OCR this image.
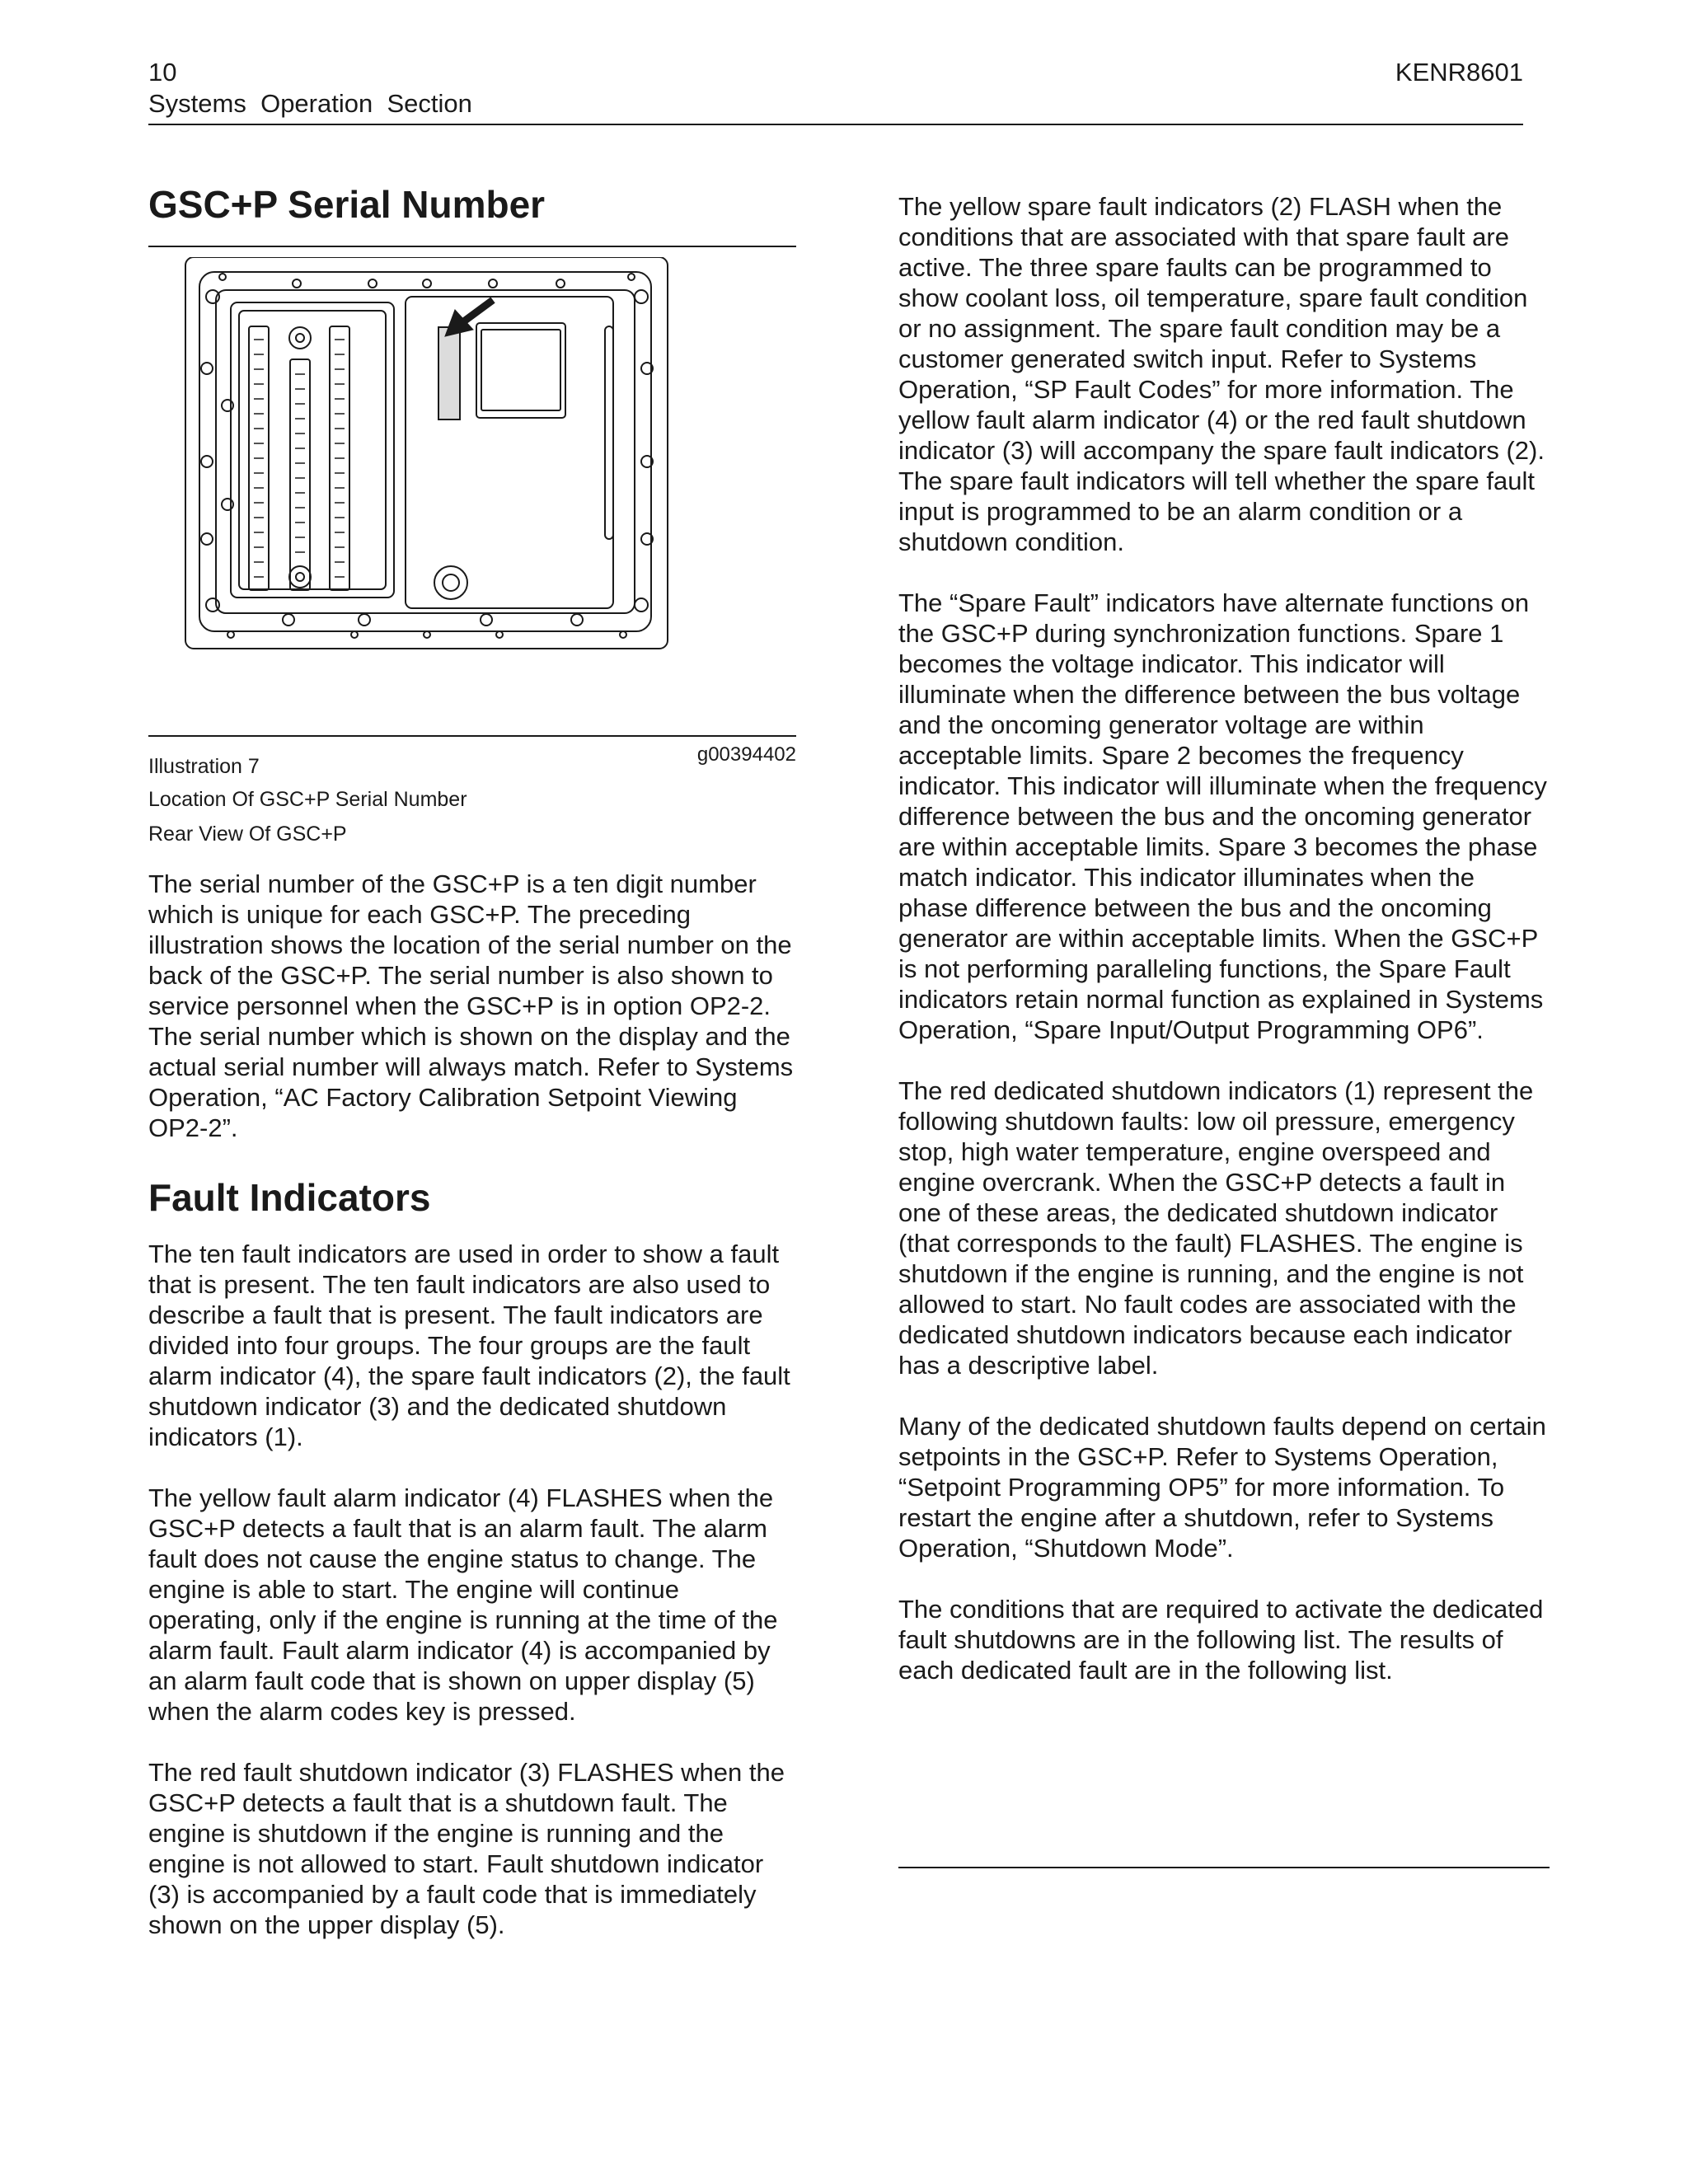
10
Systems  Operation  Section
KENR8601
GSC+P Serial Number
g00394402

Illustration 7

Location Of GSC+P Serial Number

Rear View Of GSC+P

The serial number of the GSC+P is a ten digit number which is unique for each GSC+P. The preceding illustration shows the location of the serial number on the back of the GSC+P. The serial number is also shown to service personnel when the GSC+P is in option OP2-2. The serial number which is shown on the display and the actual serial number will always match. Refer to Systems Operation, “AC Factory Calibration Setpoint Viewing OP2-2”.

Fault Indicators

The ten fault indicators are used in order to show a fault that is present. The ten fault indicators are also used to describe a fault that is present. The fault indicators are divided into four groups. The four groups are the fault alarm indicator (4), the spare fault indicators (2), the fault shutdown indicator (3) and the dedicated shutdown indicators (1).

The yellow fault alarm indicator (4) FLASHES when the GSC+P detects a fault that is an alarm fault. The alarm fault does not cause the engine status to change. The engine is able to start. The engine will continue operating, only if the engine is running at the time of the alarm fault. Fault alarm indicator (4) is accompanied by an alarm fault code that is shown on upper display (5) when the alarm codes key is pressed.

The red fault shutdown indicator (3) FLASHES when the GSC+P detects a fault that is a shutdown fault. The engine is shutdown if the engine is running and the engine is not allowed to start. Fault shutdown indicator (3) is accompanied by a fault code that is immediately shown on the upper display (5).

The yellow spare fault indicators (2) FLASH when the conditions that are associated with that spare fault are active. The three spare faults can be programmed to show coolant loss, oil temperature, spare fault condition or no assignment. The spare fault condition may be a customer generated switch input. Refer to Systems Operation, “SP Fault Codes” for more information. The yellow fault alarm indicator (4) or the red fault shutdown indicator (3) will accompany the spare fault indicators (2). The spare fault indicators will tell whether the spare fault input is programmed to be an alarm condition or a shutdown condition.

The “Spare Fault” indicators have alternate functions on the GSC+P during synchronization functions. Spare 1 becomes the voltage indicator. This indicator will illuminate when the difference between the bus voltage and the oncoming generator voltage are within acceptable limits. Spare 2 becomes the frequency indicator. This indicator will illuminate when the frequency difference between the bus and the oncoming generator are within acceptable limits. Spare 3 becomes the phase match indicator. This indicator illuminates when the phase difference between the bus and the oncoming generator are within acceptable limits. When the GSC+P is not performing paralleling functions, the Spare Fault indicators retain normal function as explained in Systems Operation, “Spare Input/Output Programming OP6”.

The red dedicated shutdown indicators (1) represent the following shutdown faults: low oil pressure, emergency stop, high water temperature, engine overspeed and engine overcrank. When the GSC+P detects a fault in one of these areas, the dedicated shutdown indicator (that corresponds to the fault) FLASHES. The engine is shutdown if the engine is running, and the engine is not allowed to start. No fault codes are associated with the dedicated shutdown indicators because each indicator has a descriptive label.

Many of the dedicated shutdown faults depend on certain setpoints in the GSC+P. Refer to Systems Operation, “Setpoint Programming OP5” for more information. To restart the engine after a shutdown, refer to Systems Operation, “Shutdown Mode”.

The conditions that are required to activate the dedicated fault shutdowns are in the following list. The results of each dedicated fault are in the following list.
